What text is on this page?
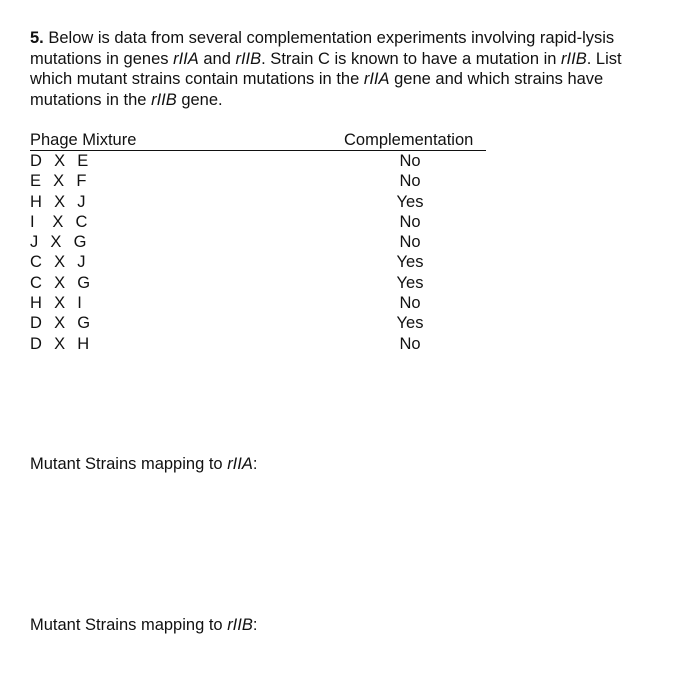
5. Below is data from several complementation experiments involving rapid-lysis
mutations in genes rIIA and rIIB. Strain C is known to have a mutation in rIIB. List
which mutant strains contain mutations in the rIIA gene and which strains have
mutations in the rIIB gene.
Phage Mixture	Complementation
D  X  E	No
E  X  F	No
H  X  J	Yes
I   X  C	No
J  X  G	No
C  X  J	Yes
C  X  G	Yes
H  X  I	No
D  X  G	Yes
D  X  H	No
Mutant Strains mapping to rIIA:
Mutant Strains mapping to rIIB:
